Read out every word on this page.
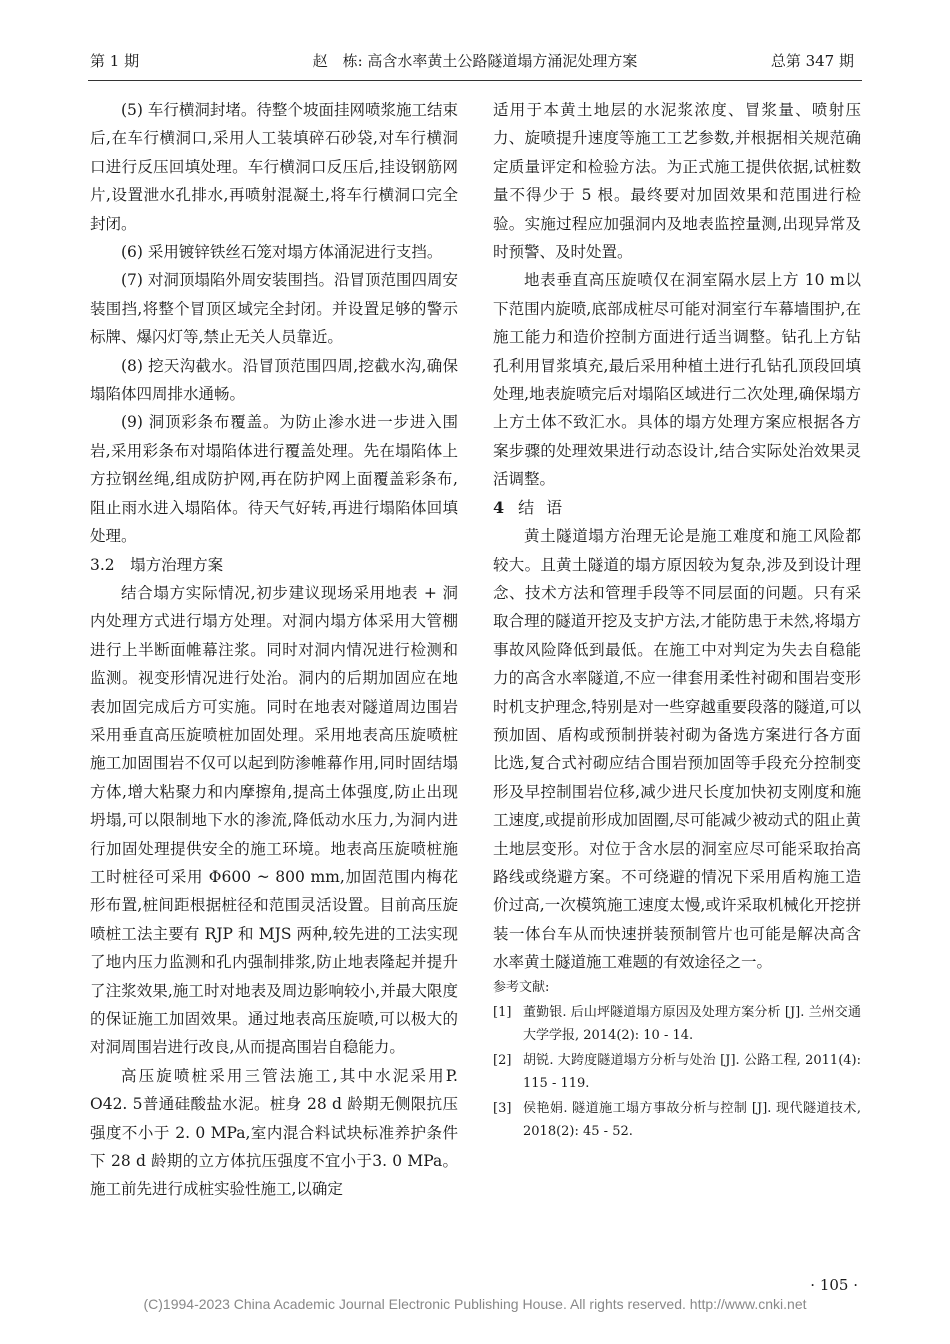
赵　栋: 高含水率黄土公路隧道塌方涌泥处理方案
第 1 期	总第 347 期

(5) 车行横洞封堵。待整个坡面挂网喷浆施工结束后,在车行横洞口,采用人工装填碎石砂袋,对车行横洞口进行反压回填处理。车行横洞口反压后,挂设钢筋网片,设置泄水孔排水,再喷射混凝土,将车行横洞口完全封闭。

(6) 采用镀锌铁丝石笼对塌方体涌泥进行支挡。

(7) 对洞顶塌陷外周安装围挡。沿冒顶范围四周安装围挡,将整个冒顶区域完全封闭。并设置足够的警示标牌、爆闪灯等,禁止无关人员靠近。

(8) 挖天沟截水。沿冒顶范围四周,挖截水沟,确保塌陷体四周排水通畅。

(9) 洞顶彩条布覆盖。为防止渗水进一步进入围岩,采用彩条布对塌陷体进行覆盖处理。先在塌陷体上方拉钢丝绳,组成防护网,再在防护网上面覆盖彩条布,阻止雨水进入塌陷体。待天气好转,再进行塌陷体回填处理。

3.2　塌方治理方案

结合塌方实际情况,初步建议现场采用地表 + 洞内处理方式进行塌方处理。对洞内塌方体采用大管棚进行上半断面帷幕注浆。同时对洞内情况进行检测和监测。视变形情况进行处治。洞内的后期加固应在地表加固完成后方可实施。同时在地表对隧道周边围岩采用垂直高压旋喷桩加固处理。采用地表高压旋喷桩施工加固围岩不仅可以起到防渗帷幕作用,同时固结塌方体,增大粘聚力和内摩擦角,提高土体强度,防止出现坍塌,可以限制地下水的渗流,降低动水压力,为洞内进行加固处理提供安全的施工环境。地表高压旋喷桩施工时桩径可采用 Φ600 ~ 800 mm,加固范围内梅花形布置,桩间距根据桩径和范围灵活设置。目前高压旋喷桩工法主要有 RJP 和 MJS 两种,较先进的工法实现了地内压力监测和孔内强制排浆,防止地表隆起并提升了注浆效果,施工时对地表及周边影响较小,并最大限度的保证施工加固效果。通过地表高压旋喷,可以极大的对洞周围岩进行改良,从而提高围岩自稳能力。

高压旋喷桩采用三管法施工,其中水泥采用P. O42. 5普通硅酸盐水泥。桩身 28 d 龄期无侧限抗压强度不小于 2. 0 MPa,室内混合料试块标准养护条件下 28 d 龄期的立方体抗压强度不宜小于3. 0 MPa。施工前先进行成桩实验性施工,以确定

适用于本黄土地层的水泥浆浓度、冒浆量、喷射压力、旋喷提升速度等施工工艺参数,并根据相关规范确定质量评定和检验方法。为正式施工提供依据,试桩数量不得少于 5 根。最终要对加固效果和范围进行检验。实施过程应加强洞内及地表监控量测,出现异常及时预警、及时处置。

地表垂直高压旋喷仅在洞室隔水层上方 10 m以下范围内旋喷,底部成桩尽可能对洞室行车幕墙围护,在施工能力和造价控制方面进行适当调整。钻孔上方钻孔利用冒浆填充,最后采用种植土进行孔钻孔顶段回填处理,地表旋喷完后对塌陷区域进行二次处理,确保塌方上方土体不致汇水。具体的塌方处理方案应根据各方案步骤的处理效果进行动态设计,结合实际处治效果灵活调整。

4 结语

黄土隧道塌方治理无论是施工难度和施工风险都较大。且黄土隧道的塌方原因较为复杂,涉及到设计理念、技术方法和管理手段等不同层面的问题。只有采取合理的隧道开挖及支护方法,才能防患于未然,将塌方事故风险降低到最低。在施工中对判定为失去自稳能力的高含水率隧道,不应一律套用柔性衬砌和围岩变形时机支护理念,特别是对一些穿越重要段落的隧道,可以预加固、盾构或预制拼装衬砌为备选方案进行各方面比选,复合式衬砌应结合围岩预加固等手段充分控制变形及早控制围岩位移,减少进尺长度加快初支刚度和施工速度,或提前形成加固圈,尽可能减少被动式的阻止黄土地层变形。对位于含水层的洞室应尽可能采取抬高路线或绕避方案。不可绕避的情况下采用盾构施工造价过高,一次模筑施工速度太慢,或许采取机械化开挖拼装一体台车从而快速拼装预制管片也可能是解决高含水率黄土隧道施工难题的有效途径之一。

参考文献:

[1] 董勤银. 后山坪隧道塌方原因及处理方案分析 [J]. 兰州交通大学学报, 2014(2): 10 - 14.
[2] 胡锐. 大跨度隧道塌方分析与处治 [J]. 公路工程, 2011(4): 115 - 119.
[3] 侯艳娟. 隧道施工塌方事故分析与控制 [J]. 现代隧道技术, 2018(2): 45 - 52.
· 105 ·
(C)1994-2023 China Academic Journal Electronic Publishing House. All rights reserved. http://www.cnki.net
